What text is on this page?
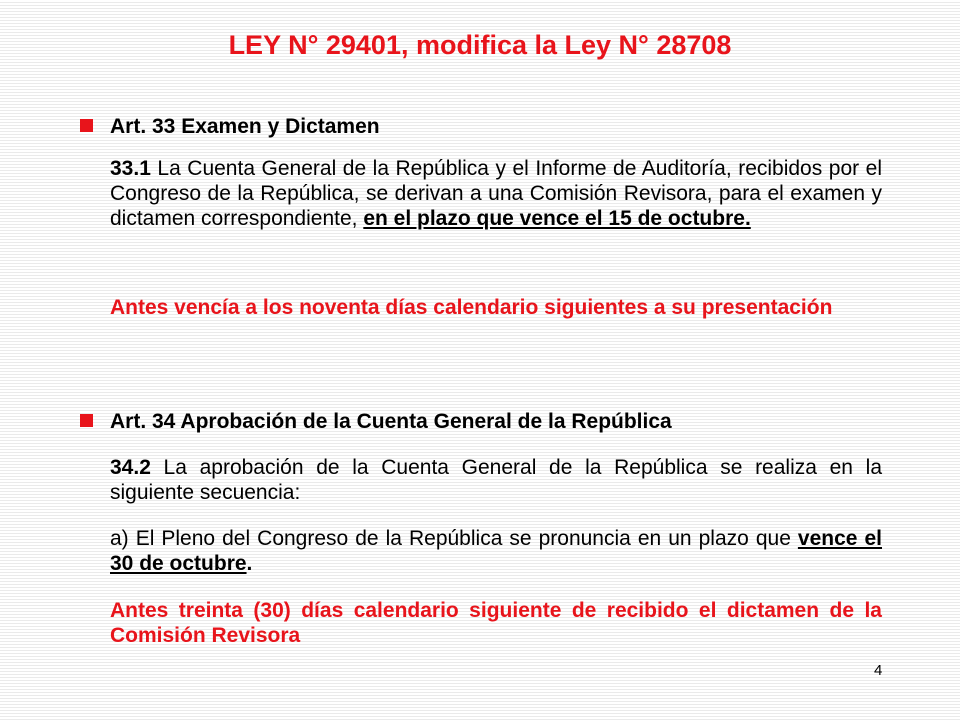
LEY N° 29401, modifica la Ley N° 28708
Art. 33 Examen y Dictamen
33.1 La Cuenta General de la República y el Informe de Auditoría, recibidos por el Congreso de la República, se derivan a una Comisión Revisora, para el examen y dictamen correspondiente, en el plazo que vence el 15 de octubre.
Antes vencía a los noventa días calendario siguientes a su presentación
Art. 34 Aprobación de la Cuenta General de la República
34.2 La aprobación de la Cuenta General de la República se realiza en la siguiente secuencia:
a) El Pleno del Congreso de la República se pronuncia en un plazo que vence el 30 de octubre.
Antes treinta (30) días calendario siguiente de recibido el dictamen de la Comisión Revisora
4
